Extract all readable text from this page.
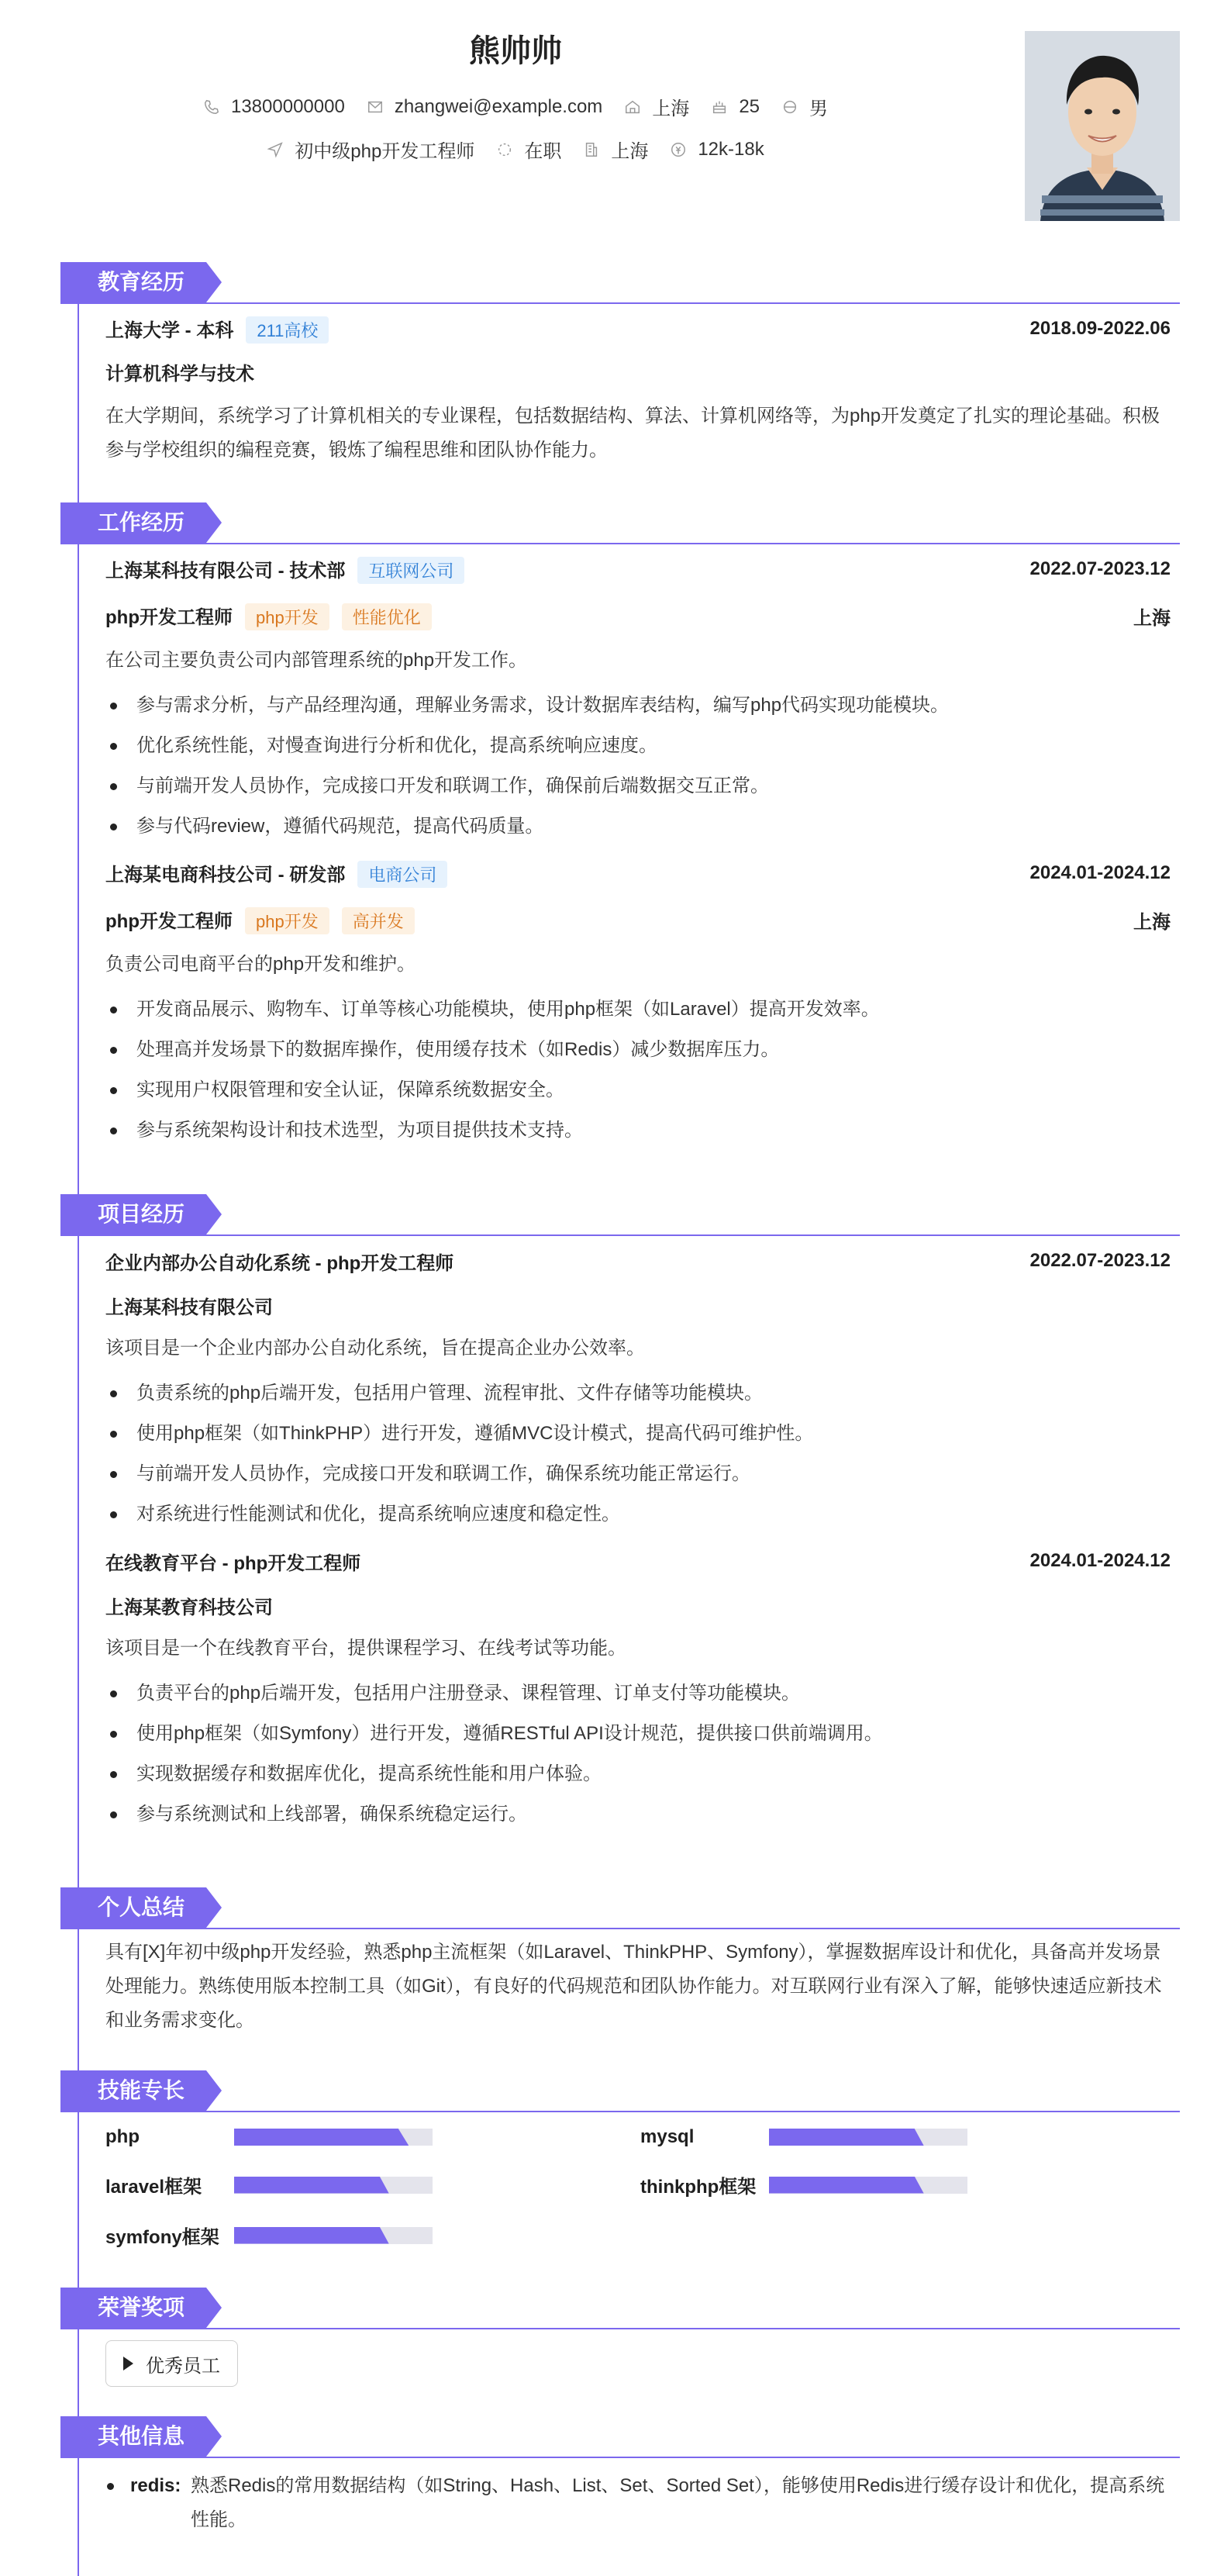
熊帅帅
13800000000	zhangwei@example.com	上海	25	男
初中级php开发工程师	在职	上海	12k-18k
教育经历
上海大学 - 本科 211高校	2018.09-2022.06
计算机科学与技术
在大学期间，系统学习了计算机相关的专业课程，包括数据结构、算法、计算机网络等，为php开发奠定了扎实的理论基础。积极参与学校组织的编程竞赛，锻炼了编程思维和团队协作能力。
工作经历
上海某科技有限公司 - 技术部 互联网公司	2022.07-2023.12
php开发工程师 php开发 性能优化	上海
在公司主要负责公司内部管理系统的php开发工作。
参与需求分析，与产品经理沟通，理解业务需求，设计数据库表结构，编写php代码实现功能模块。
优化系统性能，对慢查询进行分析和优化，提高系统响应速度。
与前端开发人员协作，完成接口开发和联调工作，确保前后端数据交互正常。
参与代码review，遵循代码规范，提高代码质量。
上海某电商科技公司 - 研发部 电商公司	2024.01-2024.12
php开发工程师 php开发 高并发	上海
负责公司电商平台的php开发和维护。
开发商品展示、购物车、订单等核心功能模块，使用php框架（如Laravel）提高开发效率。
处理高并发场景下的数据库操作，使用缓存技术（如Redis）减少数据库压力。
实现用户权限管理和安全认证，保障系统数据安全。
参与系统架构设计和技术选型，为项目提供技术支持。
项目经历
企业内部办公自动化系统 - php开发工程师	2022.07-2023.12
上海某科技有限公司
该项目是一个企业内部办公自动化系统，旨在提高企业办公效率。
负责系统的php后端开发，包括用户管理、流程审批、文件存储等功能模块。
使用php框架（如ThinkPHP）进行开发，遵循MVC设计模式，提高代码可维护性。
与前端开发人员协作，完成接口开发和联调工作，确保系统功能正常运行。
对系统进行性能测试和优化，提高系统响应速度和稳定性。
在线教育平台 - php开发工程师	2024.01-2024.12
上海某教育科技公司
该项目是一个在线教育平台，提供课程学习、在线考试等功能。
负责平台的php后端开发，包括用户注册登录、课程管理、订单支付等功能模块。
使用php框架（如Symfony）进行开发，遵循RESTful API设计规范，提供接口供前端调用。
实现数据缓存和数据库优化，提高系统性能和用户体验。
参与系统测试和上线部署，确保系统稳定运行。
个人总结
具有[X]年初中级php开发经验，熟悉php主流框架（如Laravel、ThinkPHP、Symfony），掌握数据库设计和优化，具备高并发场景处理能力。熟练使用版本控制工具（如Git），有良好的代码规范和团队协作能力。对互联网行业有深入了解，能够快速适应新技术和业务需求变化。
技能专长
php	mysql
laravel框架	thinkphp框架
symfony框架
荣誉奖项
优秀员工
其他信息
redis: 熟悉Redis的常用数据结构（如String、Hash、List、Set、Sorted Set），能够使用Redis进行缓存设计和优化，提高系统性能。
